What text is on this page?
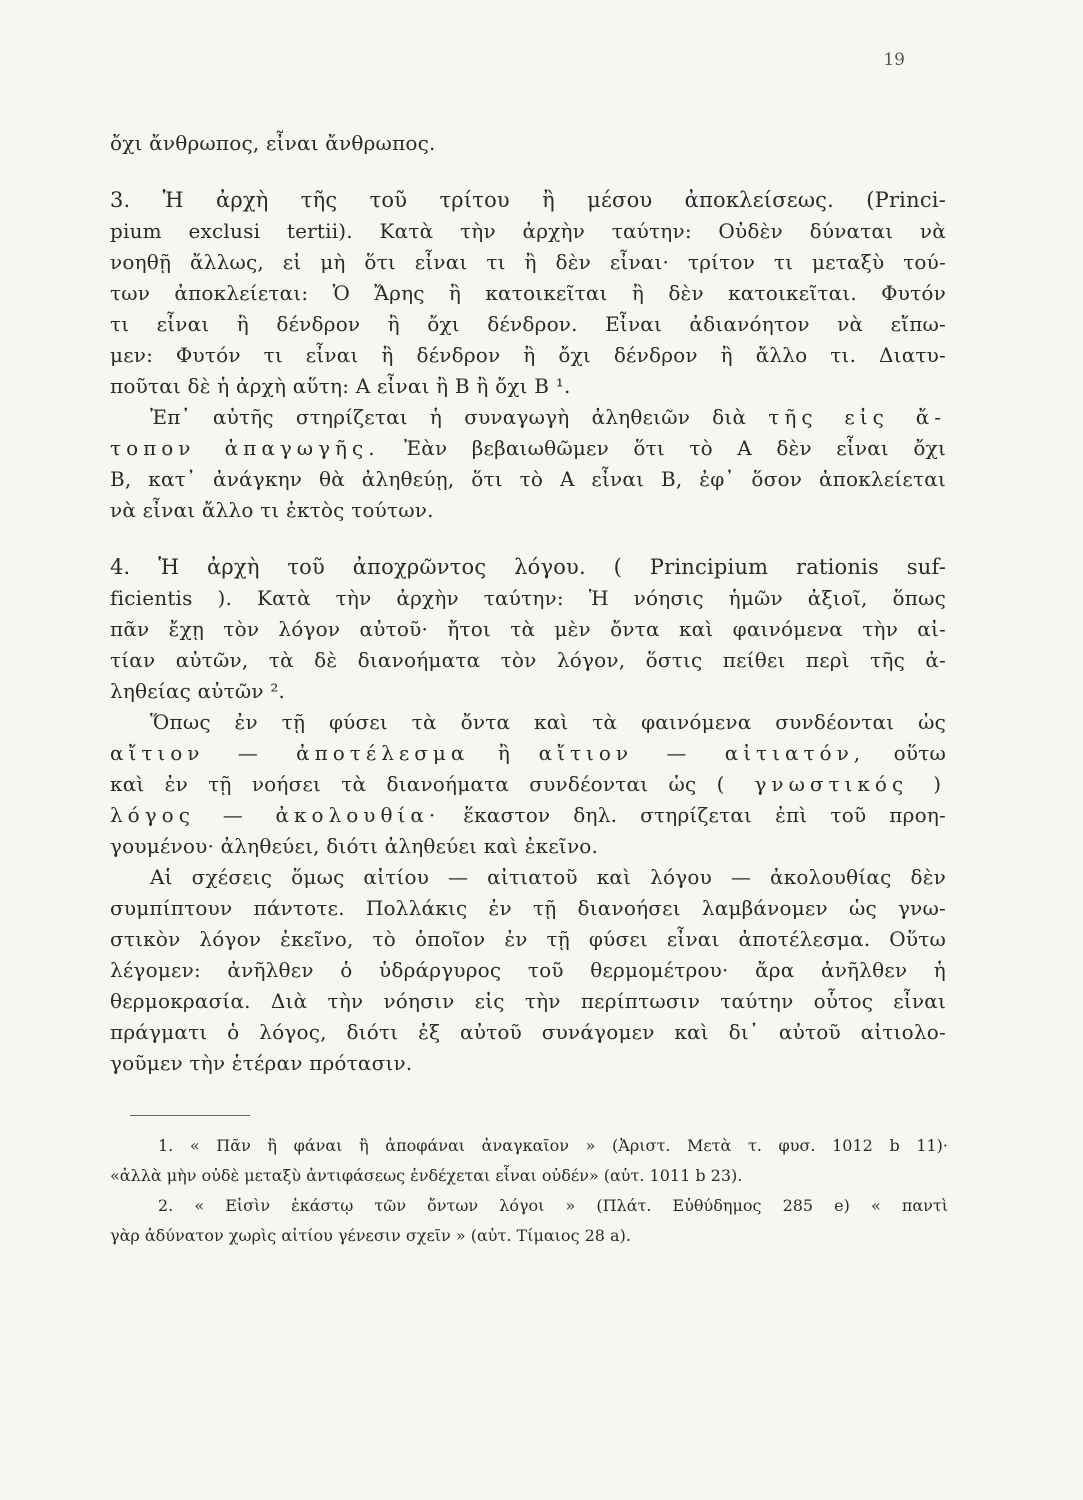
19
ὄχι ἄνθρωπος, εἶναι ἄνθρωπος.
3. Ἡ ἀρχὴ τῆς τοῦ τρίτου ἢ μέσου ἀποκλείσεως. (Princi-
pium exclusi tertii). Κατὰ τὴν ἀρχὴν ταύτην: Οὐδὲν δύναται νὰ
νοηθῇ ἄλλως, εἰ μὴ ὅτι εἶναι τι ἢ δὲν εἶναι· τρίτον τι μεταξὺ τού-
των ἀποκλείεται: Ὁ Ἄρης ἢ κατοικεῖται ἢ δὲν κατοικεῖται. Φυτόν
τι εἶναι ἢ δένδρον ἢ ὄχι δένδρον. Εἶναι ἀδιανόητον νὰ εἴπω-
μεν: Φυτόν τι εἶναι ἢ δένδρον ἢ ὄχι δένδρον ἢ ἄλλο τι. Διατυ-
ποῦται δὲ ἡ ἀρχὴ αὕτη: Α εἶναι ἢ Β ἢ ὄχι Β ¹.
Ἐπ᾽ αὐτῆς στηρίζεται ἡ συναγωγὴ ἀληθειῶν διὰ τῆς εἰς ἄ-
τοπον ἀπαγωγῆς. Ἐὰν βεβαιωθῶμεν ὅτι τὸ Α δὲν εἶναι ὄχι
Β, κατ᾽ ἀνάγκην θὰ ἀληθεύῃ, ὅτι τὸ Α εἶναι Β, ἐφ᾽ ὅσον ἀποκλείεται
νὰ εἶναι ἄλλο τι ἐκτὸς τούτων.
4. Ἡ ἀρχὴ τοῦ ἀποχρῶντος λόγου. ( Principium rationis suf-
ficientis ). Κατὰ τὴν ἀρχὴν ταύτην: Ἡ νόησις ἡμῶν ἀξιοῖ, ὅπως
πᾶν ἔχῃ τὸν λόγον αὐτοῦ· ἤτοι τὰ μὲν ὄντα καὶ φαινόμενα τὴν αἰ-
τίαν αὐτῶν, τὰ δὲ διανοήματα τὸν λόγον, ὅστις πείθει περὶ τῆς ἀ-
ληθείας αὐτῶν ².
Ὅπως ἐν τῇ φύσει τὰ ὄντα καὶ τὰ φαινόμενα συνδέονται ὡς
αἴτιον — ἀποτέλεσμα ἢ αἴτιον — αἰτιατόν, οὕτω
καὶ ἐν τῇ νοήσει τὰ διανοήματα συνδέονται ὡς ( γνωστικός )
λόγος — ἀκολουθία· ἕκαστον δηλ. στηρίζεται ἐπὶ τοῦ προη-
γουμένου· ἀληθεύει, διότι ἀληθεύει καὶ ἐκεῖνο.
Αἱ σχέσεις ὅμως αἰτίου — αἰτιατοῦ καὶ λόγου — ἀκολουθίας δὲν
συμπίπτουν πάντοτε. Πολλάκις ἐν τῇ διανοήσει λαμβάνομεν ὡς γνω-
στικὸν λόγον ἐκεῖνο, τὸ ὁποῖον ἐν τῇ φύσει εἶναι ἀποτέλεσμα. Οὕτω
λέγομεν: ἀνῆλθεν ὁ ὑδράργυρος τοῦ θερμομέτρου· ἄρα ἀνῆλθεν ἡ
θερμοκρασία. Διὰ τὴν νόησιν εἰς τὴν περίπτωσιν ταύτην οὗτος εἶναι
πράγματι ὁ λόγος, διότι ἐξ αὐτοῦ συνάγομεν καὶ δι᾽ αὐτοῦ αἰτιολο-
γοῦμεν τὴν ἑτέραν πρότασιν.
1. « Πᾶν ἢ φάναι ἢ ἀποφάναι ἀναγκαῖον » (Ἀριστ. Μετὰ τ. φυσ. 1012 b 11)·
«ἀλλὰ μὴν οὐδὲ μεταξὺ ἀντιφάσεως ἐνδέχεται εἶναι οὐδέν» (αὐτ. 1011 b 23).
2. « Εἰσὶν ἑκάστῳ τῶν ὄντων λόγοι » (Πλάτ. Εὐθύδημος 285 e) « παντὶ
γὰρ ἀδύνατον χωρὶς αἰτίου γένεσιν σχεῖν » (αὐτ. Τίμαιος 28 a).
